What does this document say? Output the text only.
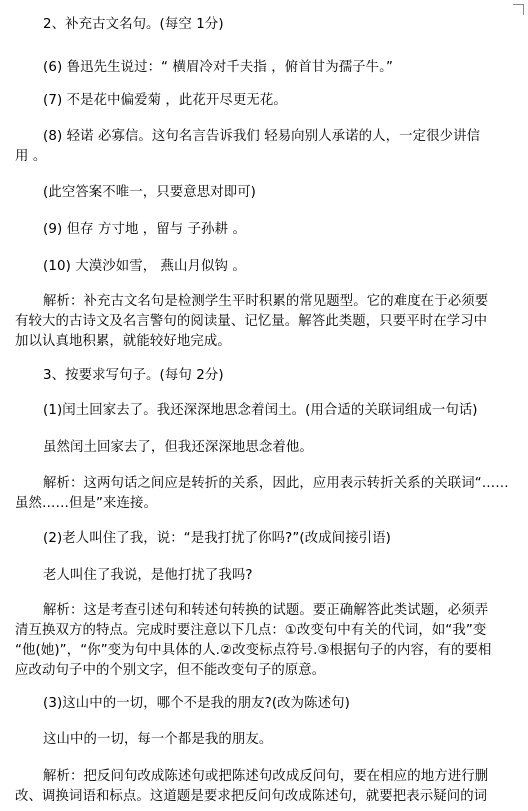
2、补充古文名句。(每空 1分)
(6) 鲁迅先生说过：“ 横眉冷对千夫指 ，俯首甘为孺子牛。”
(7) 不是花中偏爱菊 ，此花开尽更无花。
(8) 轻诺 必寡信。这句名言告诉我们 轻易向别人承诺的人，一定很少讲信
用 。
(此空答案不唯一，只要意思对即可)
(9) 但存 方寸地 ，留与 子孙耕 。
(10) 大漠沙如雪， 燕山月似钩 。
解析：补充古文名句是检测学生平时积累的常见题型。它的难度在于必须要
有较大的古诗文及名言警句的阅读量、记忆量。解答此类题，只要平时在学习中
加以认真地积累，就能较好地完成。
3、按要求写句子。(每句 2分)
(1)闰土回家去了。我还深深地思念着闰土。(用合适的关联词组成一句话)
虽然闰土回家去了，但我还深深地思念着他。
解析：这两句话之间应是转折的关系，因此，应用表示转折关系的关联词“……
虽然……但是”来连接。
(2)老人叫住了我，说：“是我打扰了你吗?”(改成间接引语)
老人叫住了我说，是他打扰了我吗?
解析：这是考查引述句和转述句转换的试题。要正确解答此类试题，必须弄
清互换双方的特点。完成时要注意以下几点：①改变句中有关的代词，如“我”变
“他(她)”，“你”变为句中具体的人.②改变标点符号.③根据句子的内容，有的要相
应改动句子中的个别文字，但不能改变句子的原意。
(3)这山中的一切，哪个不是我的朋友?(改为陈述句)
这山中的一切，每一个都是我的朋友。
解析：把反问句改成陈述句或把陈述句改成反问句，要在相应的地方进行删
改、调换词语和标点。这道题是要求把反问句改成陈述句，就要把表示疑问的词
